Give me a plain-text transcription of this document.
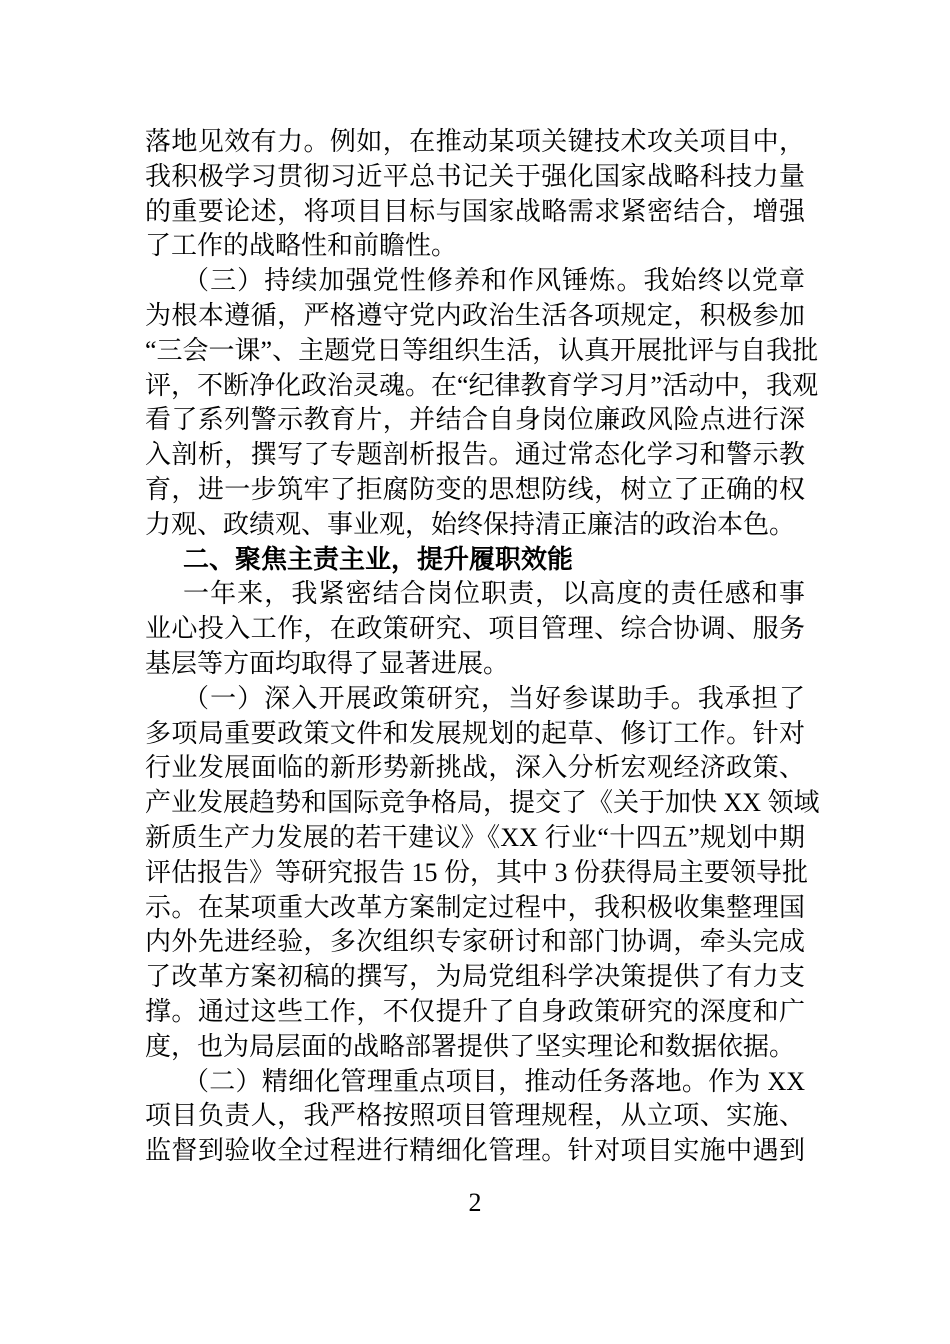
落地见效有力。例如，在推动某项关键技术攻关项目中，
我积极学习贯彻习近平总书记关于强化国家战略科技力量
的重要论述，将项目目标与国家战略需求紧密结合，增强
了工作的战略性和前瞻性。
（三）持续加强党性修养和作风锤炼。我始终以党章
为根本遵循，严格遵守党内政治生活各项规定，积极参加
“三会一课”、主题党日等组织生活，认真开展批评与自我批
评，不断净化政治灵魂。在“纪律教育学习月”活动中，我观
看了系列警示教育片，并结合自身岗位廉政风险点进行深
入剖析，撰写了专题剖析报告。通过常态化学习和警示教
育，进一步筑牢了拒腐防变的思想防线，树立了正确的权
力观、政绩观、事业观，始终保持清正廉洁的政治本色。
二、聚焦主责主业，提升履职效能
一年来，我紧密结合岗位职责，以高度的责任感和事
业心投入工作，在政策研究、项目管理、综合协调、服务
基层等方面均取得了显著进展。
（一）深入开展政策研究，当好参谋助手。我承担了
多项局重要政策文件和发展规划的起草、修订工作。针对
行业发展面临的新形势新挑战，深入分析宏观经济政策、
产业发展趋势和国际竞争格局，提交了《关于加快 XX 领域
新质生产力发展的若干建议》《XX 行业“十四五”规划中期
评估报告》等研究报告 15 份，其中 3 份获得局主要领导批
示。在某项重大改革方案制定过程中，我积极收集整理国
内外先进经验，多次组织专家研讨和部门协调，牵头完成
了改革方案初稿的撰写，为局党组科学决策提供了有力支
撑。通过这些工作，不仅提升了自身政策研究的深度和广
度，也为局层面的战略部署提供了坚实理论和数据依据。
（二）精细化管理重点项目，推动任务落地。作为 XX
项目负责人，我严格按照项目管理规程，从立项、实施、
监督到验收全过程进行精细化管理。针对项目实施中遇到
2
